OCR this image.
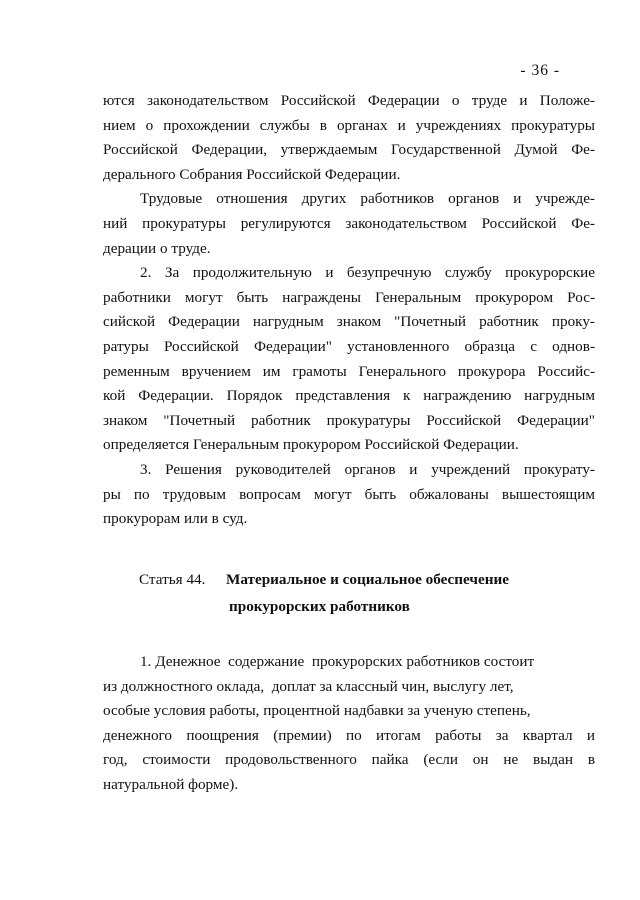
- 36 -
ются законодательством Российской Федерации о труде и Положе-
нием о прохождении службы в органах и учреждениях прокуратуры
Российской Федерации, утверждаемым Государственной Думой Фе-
дерального Собрания Российской Федерации.
Трудовые отношения других работников органов и учрежде-
ний прокуратуры регулируются законодательством Российской Фе-
дерации о труде.
2. За продолжительную и безупречную службу прокурорские
работники могут быть награждены Генеральным прокурором Рос-
сийской Федерации нагрудным знаком "Почетный работник проку-
ратуры Российской Федерации" установленного образца с однов-
ременным вручением им грамоты Генерального прокурора Российс-
кой Федерации. Порядок представления к награждению нагрудным
знаком "Почетный работник прокуратуры Российской Федерации"
определяется Генеральным прокурором Российской Федерации.
3. Решения руководителей органов и учреждений прокурату-
ры по трудовым вопросам могут быть обжалованы вышестоящим
прокурорам или в суд.
Статья 44. Материальное и социальное обеспечение
прокурорских работников
1. Денежное  содержание  прокурорских работников состоит
из должностного оклада,  доплат за классный чин, выслугу лет,
особые условия работы, процентной надбавки за ученую степень,
денежного поощрения (премии) по итогам работы за квартал и
год, стоимости продовольственного пайка (если он не выдан в
натуральной форме).
